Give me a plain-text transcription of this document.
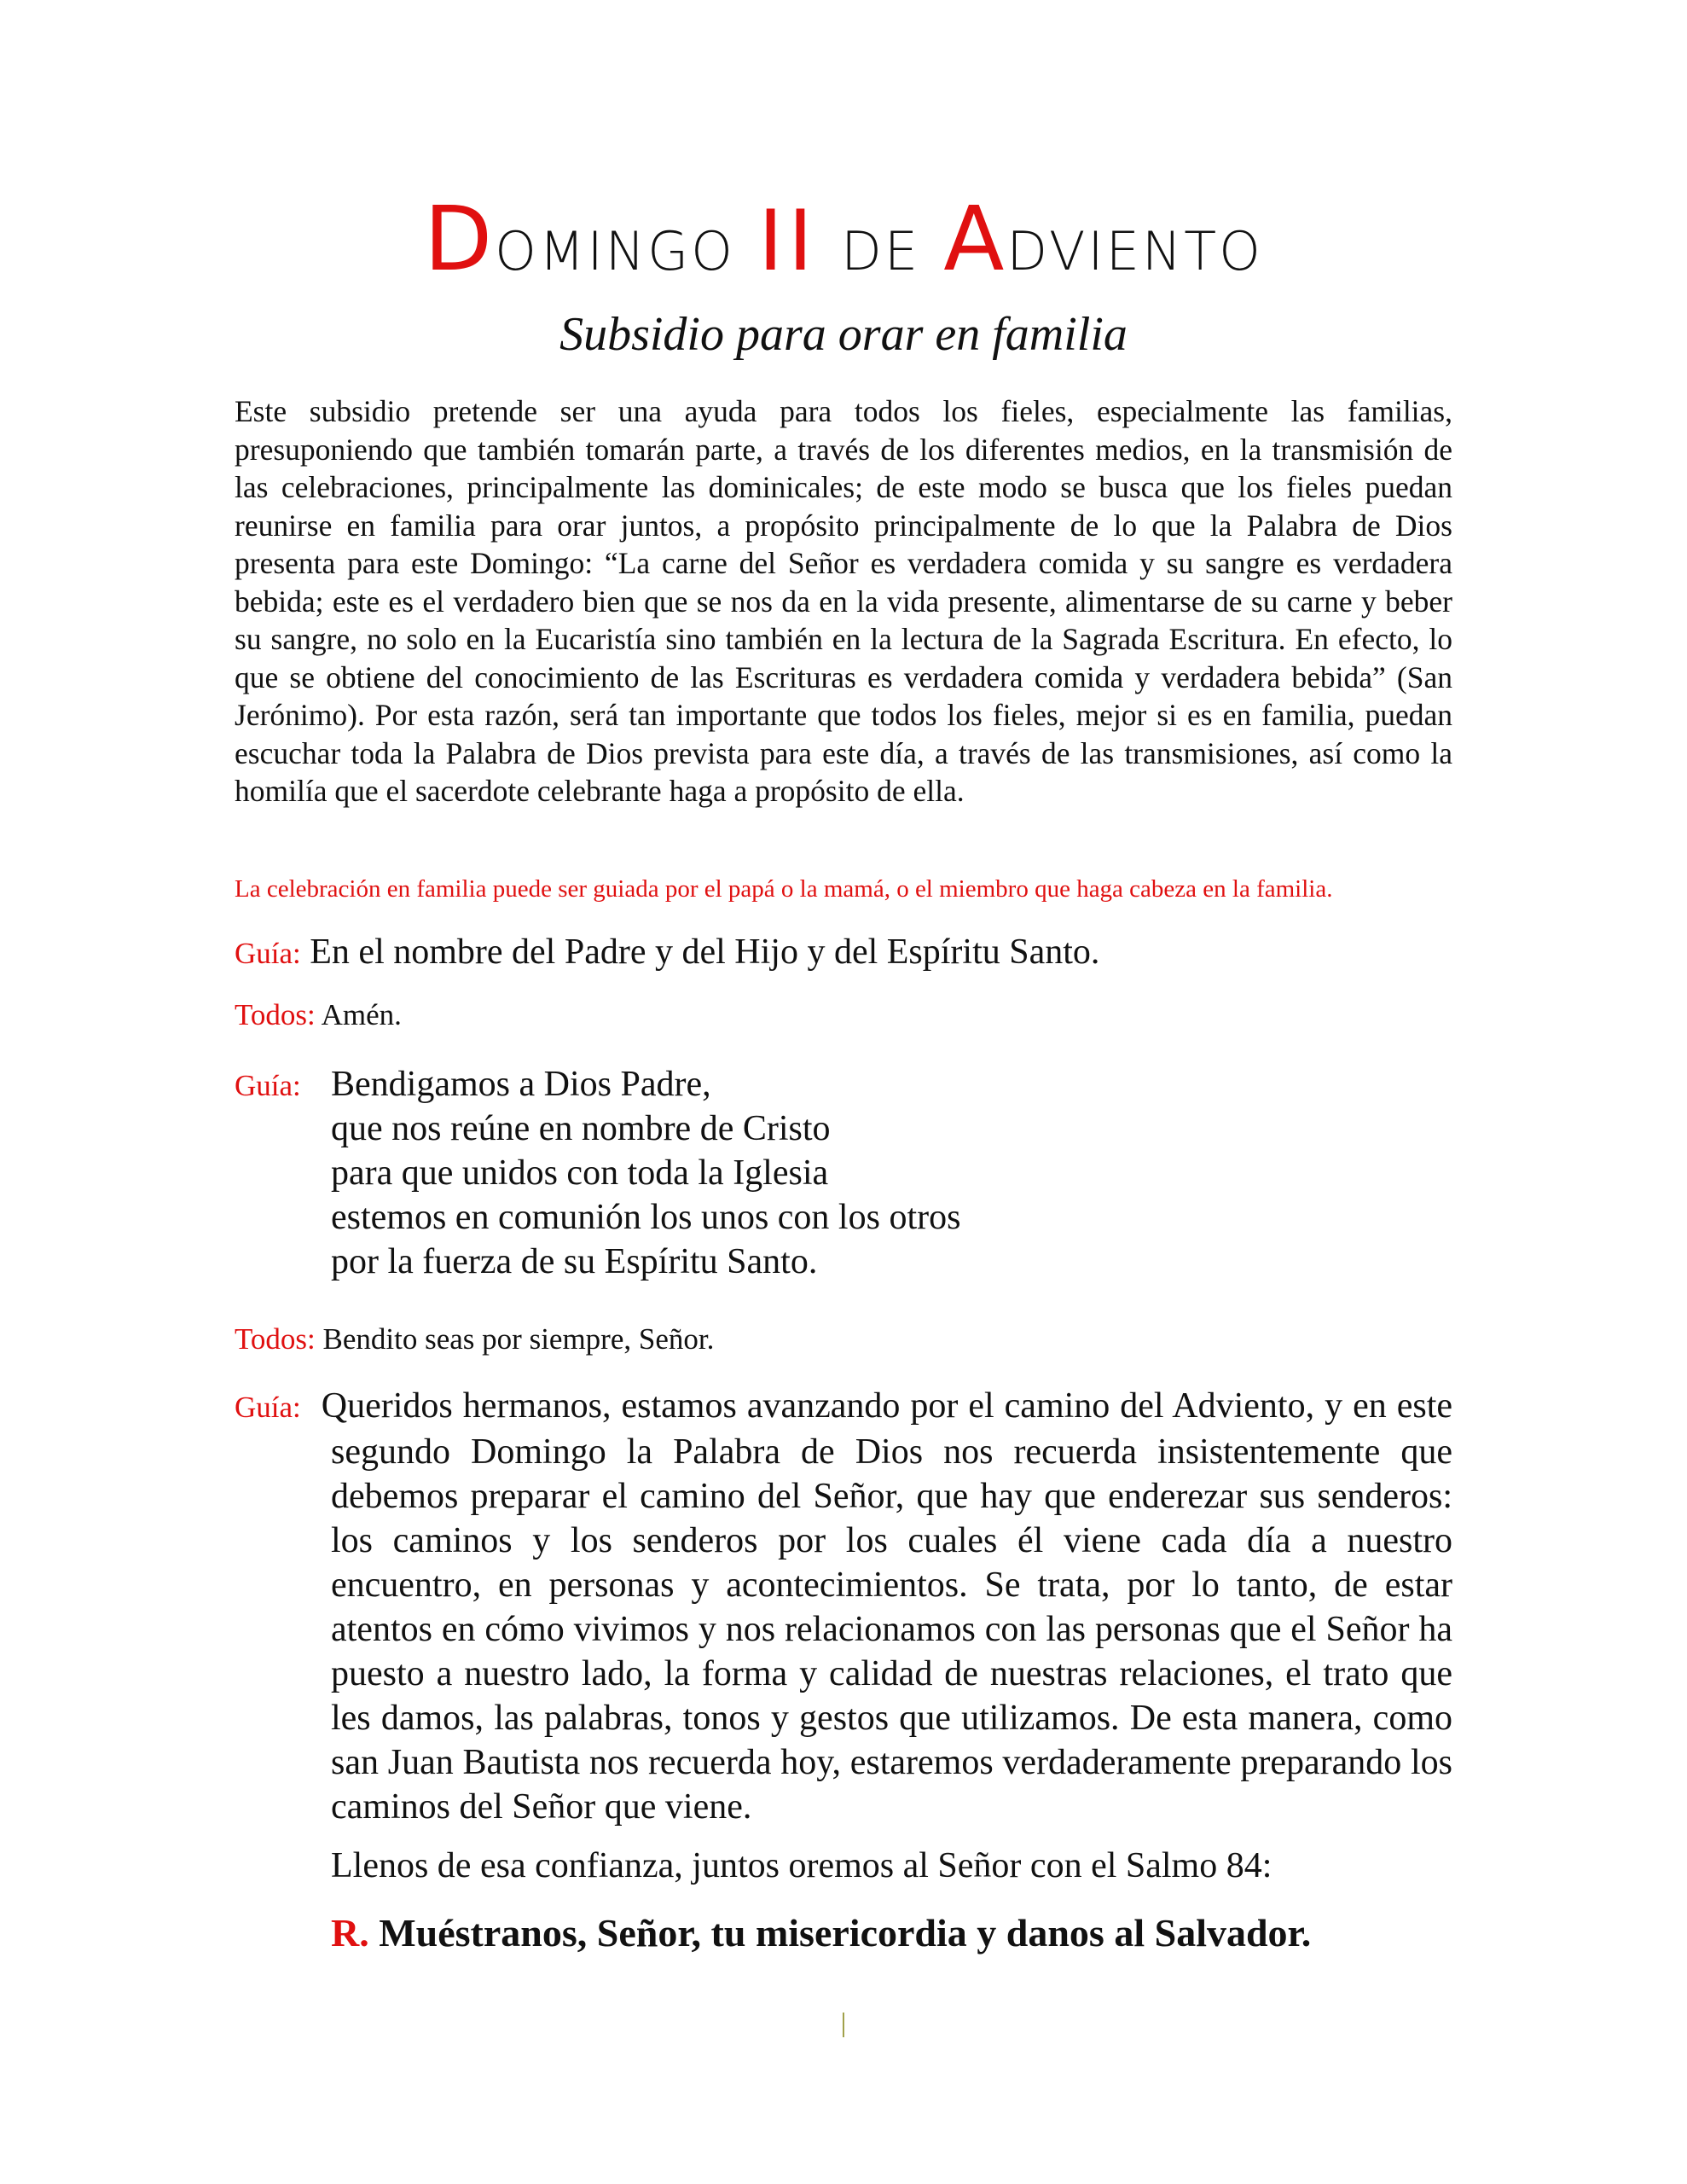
DOMINGO II DE ADVIENTO
Subsidio para orar en familia

Este subsidio pretende ser una ayuda para todos los fieles, especialmente las familias, presuponiendo que también tomarán parte, a través de los diferentes medios, en la transmisión de las celebraciones, principalmente las dominicales; de este modo se busca que los fieles puedan reunirse en familia para orar juntos, a propósito principalmente de lo que la Palabra de Dios presenta para este Domingo: “La carne del Señor es verdadera comida y su sangre es verdadera bebida; este es el verdadero bien que se nos da en la vida presente, alimentarse de su carne y beber su sangre, no solo en la Eucaristía sino también en la lectura de la Sagrada Escritura. En efecto, lo que se obtiene del conocimiento de las Escrituras es verdadera comida y verdadera bebida” (San Jerónimo). Por esta razón, será tan importante que todos los fieles, mejor si es en familia, puedan escuchar toda la Palabra de Dios prevista para este día, a través de las transmisiones, así como la homilía que el sacerdote celebrante haga a propósito de ella.

La celebración en familia puede ser guiada por el papá o la mamá, o el miembro que haga cabeza en la familia.
Guía: En el nombre del Padre y del Hijo y del Espíritu Santo.
Todos: Amén.
Guía: Bendigamos a Dios Padre,
que nos reúne en nombre de Cristo
para que unidos con toda la Iglesia
estemos en comunión los unos con los otros
por la fuerza de su Espíritu Santo.
Todos: Bendito seas por siempre, Señor.

Guía: Queridos hermanos, estamos avanzando por el camino del Adviento, y en este segundo Domingo la Palabra de Dios nos recuerda insistentemente que debemos preparar el camino del Señor, que hay que enderezar sus senderos: los caminos y los senderos por los cuales él viene cada día a nuestro encuentro, en personas y acontecimientos. Se trata, por lo tanto, de estar atentos en cómo vivimos y nos relacionamos con las personas que el Señor ha puesto a nuestro lado, la forma y calidad de nuestras relaciones, el trato que les damos, las palabras, tonos y gestos que utilizamos. De esta manera, como san Juan Bautista nos recuerda hoy, estaremos verdaderamente preparando los caminos del Señor que viene.

Llenos de esa confianza, juntos oremos al Señor con el Salmo 84:
R. Muéstranos, Señor, tu misericordia y danos al Salvador.
|
